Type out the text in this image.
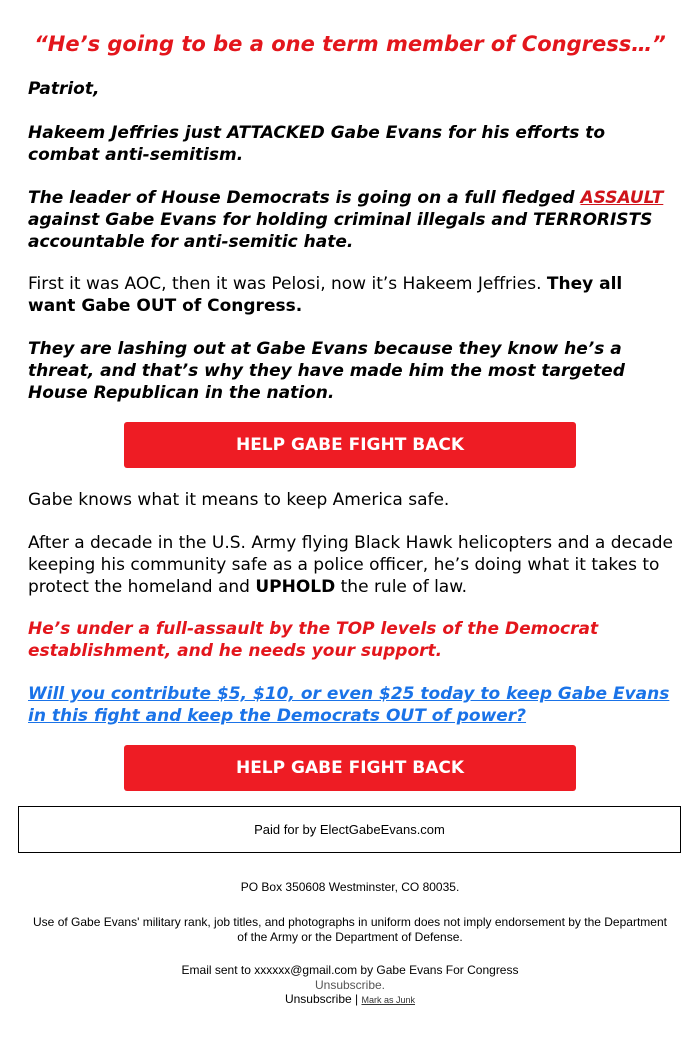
“He’s going to be a one term member of Congress…”

Patriot,

Hakeem Jeffries just ATTACKED Gabe Evans for his efforts to combat anti-semitism.

The leader of House Democrats is going on a full fledged ASSAULT against Gabe Evans for holding criminal illegals and TERRORISTS accountable for anti-semitic hate.

First it was AOC, then it was Pelosi, now it’s Hakeem Jeffries. They all want Gabe OUT of Congress.

They are lashing out at Gabe Evans because they know he’s a threat, and that’s why they have made him the most targeted House Republican in the nation.

HELP GABE FIGHT BACK

Gabe knows what it means to keep America safe.

After a decade in the U.S. Army flying Black Hawk helicopters and a decade keeping his community safe as a police officer, he’s doing what it takes to protect the homeland and UPHOLD the rule of law.

He’s under a full-assault by the TOP levels of the Democrat establishment, and he needs your support.

Will you contribute $5, $10, or even $25 today to keep Gabe Evans in this fight and keep the Democrats OUT of power?
HELP GABE FIGHT BACK
Paid for by ElectGabeEvans.com
PO Box 350608 Westminster, CO 80035.
Use of Gabe Evans' military rank, job titles, and photographs in uniform does not imply endorsement by the Department of the Army or the Department of Defense.
Email sent to xxxxxx@gmail.com by Gabe Evans For Congress
Unsubscribe.
Unsubscribe | Mark as Junk
